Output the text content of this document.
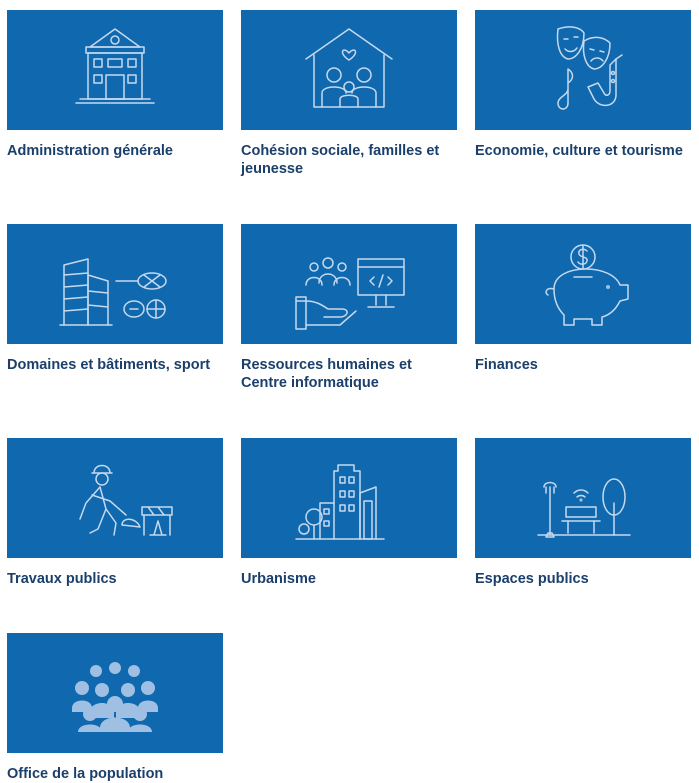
Administration générale	Cohésion sociale, familles et jeunesse
Economie, culture et tourisme
Domaines et bâtiments, sport	Ressources humaines et Centre informatique
Finances
Travaux publics	Urbanisme	Espaces publics
Office de la population
